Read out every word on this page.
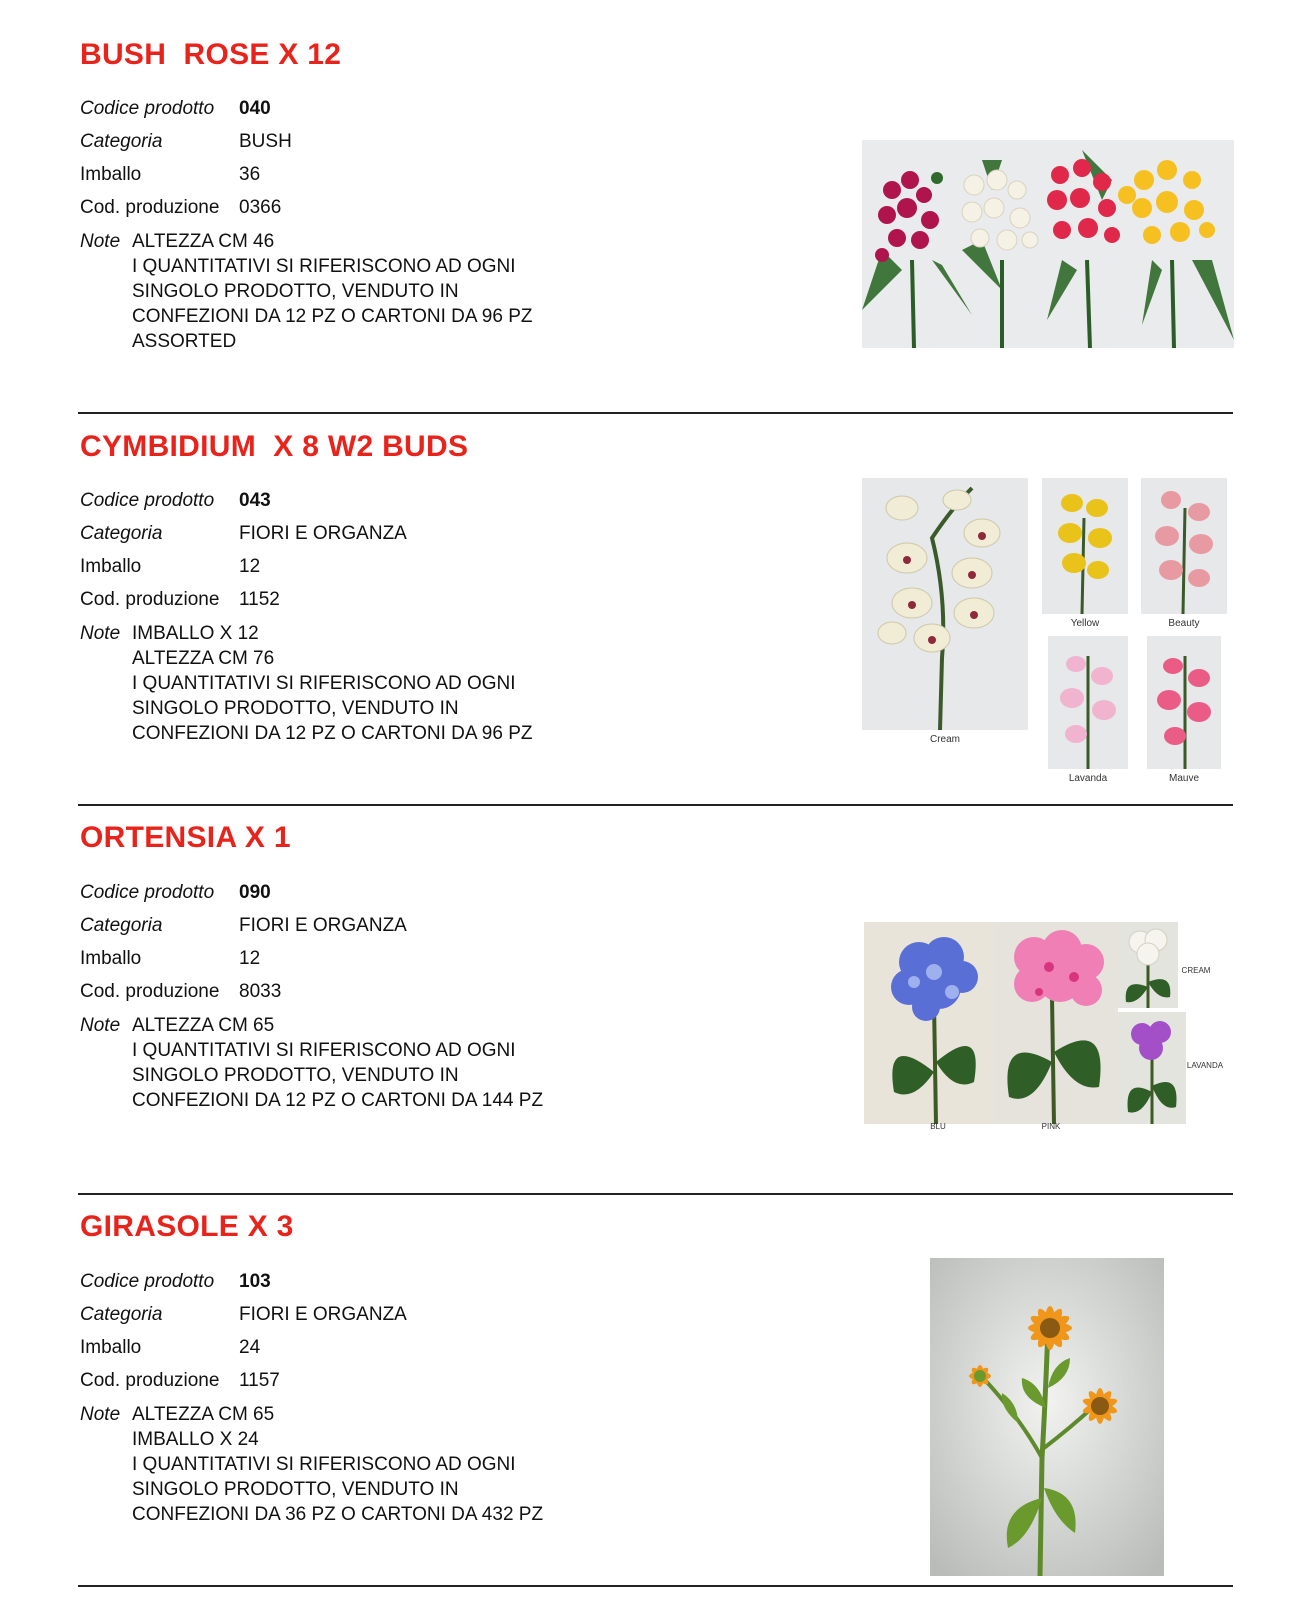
BUSH  ROSE X 12
Codice prodotto 040
Categoria	BUSH
Imballo	36
Cod. produzione 0366
Note ALTEZZA CM 46
I QUANTITATIVI SI RIFERISCONO AD OGNI
SINGOLO PRODOTTO, VENDUTO IN
CONFEZIONI DA 12 PZ O CARTONI DA 96 PZ
ASSORTED
CYMBIDIUM  X 8 W2 BUDS
Codice prodotto 043
Categoria	FIORI E ORGANZA
Imballo	12
Cod. produzione 1152
Note IMBALLO X 12
ALTEZZA CM 76
I QUANTITATIVI SI RIFERISCONO AD OGNI
SINGOLO PRODOTTO, VENDUTO IN
CONFEZIONI DA 12 PZ O CARTONI DA 96 PZ	Cream
Yellow	Beauty
Lavanda	Mauve
ORTENSIA X 1
Codice prodotto 090
Categoria	FIORI E ORGANZA
Imballo	12
Cod. produzione 8033
Note ALTEZZA CM 65
I QUANTITATIVI SI RIFERISCONO AD OGNI
SINGOLO PRODOTTO, VENDUTO IN
CONFEZIONI DA 12 PZ O CARTONI DA 144 PZ
BLU	PINK
CREAM
LAVANDA
GIRASOLE X 3
Codice prodotto 103
Categoria	FIORI E ORGANZA
Imballo	24
Cod. produzione 1157
Note ALTEZZA CM 65
IMBALLO X 24
I QUANTITATIVI SI RIFERISCONO AD OGNI
SINGOLO PRODOTTO, VENDUTO IN
CONFEZIONI DA 36 PZ O CARTONI DA 432 PZ
